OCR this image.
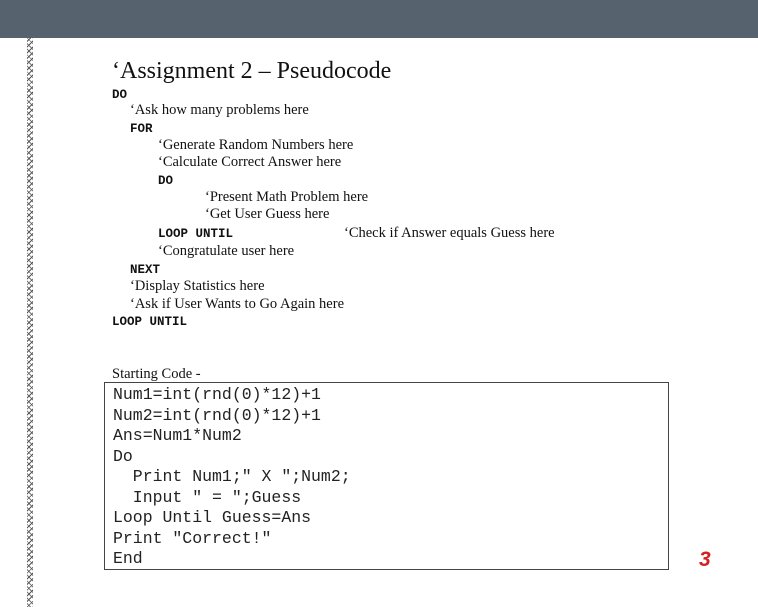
‘Assignment 2 – Pseudocode
DO
‘Ask how many problems here
FOR
‘Generate Random Numbers here
‘Calculate Correct Answer here
DO
‘Present Math Problem here
‘Get User Guess here
LOOP UNTIL	‘Check if Answer equals Guess here
‘Congratulate user here
NEXT
‘Display Statistics here
‘Ask if User Wants to Go Again here
LOOP UNTIL
Starting Code -
Num1=int(rnd(0)*12)+1
Num2=int(rnd(0)*12)+1
Ans=Num1*Num2
Do
Print Num1;" X ";Num2;
Input " = ";Guess
Loop Until Guess=Ans
Print "Correct!"
End	3
